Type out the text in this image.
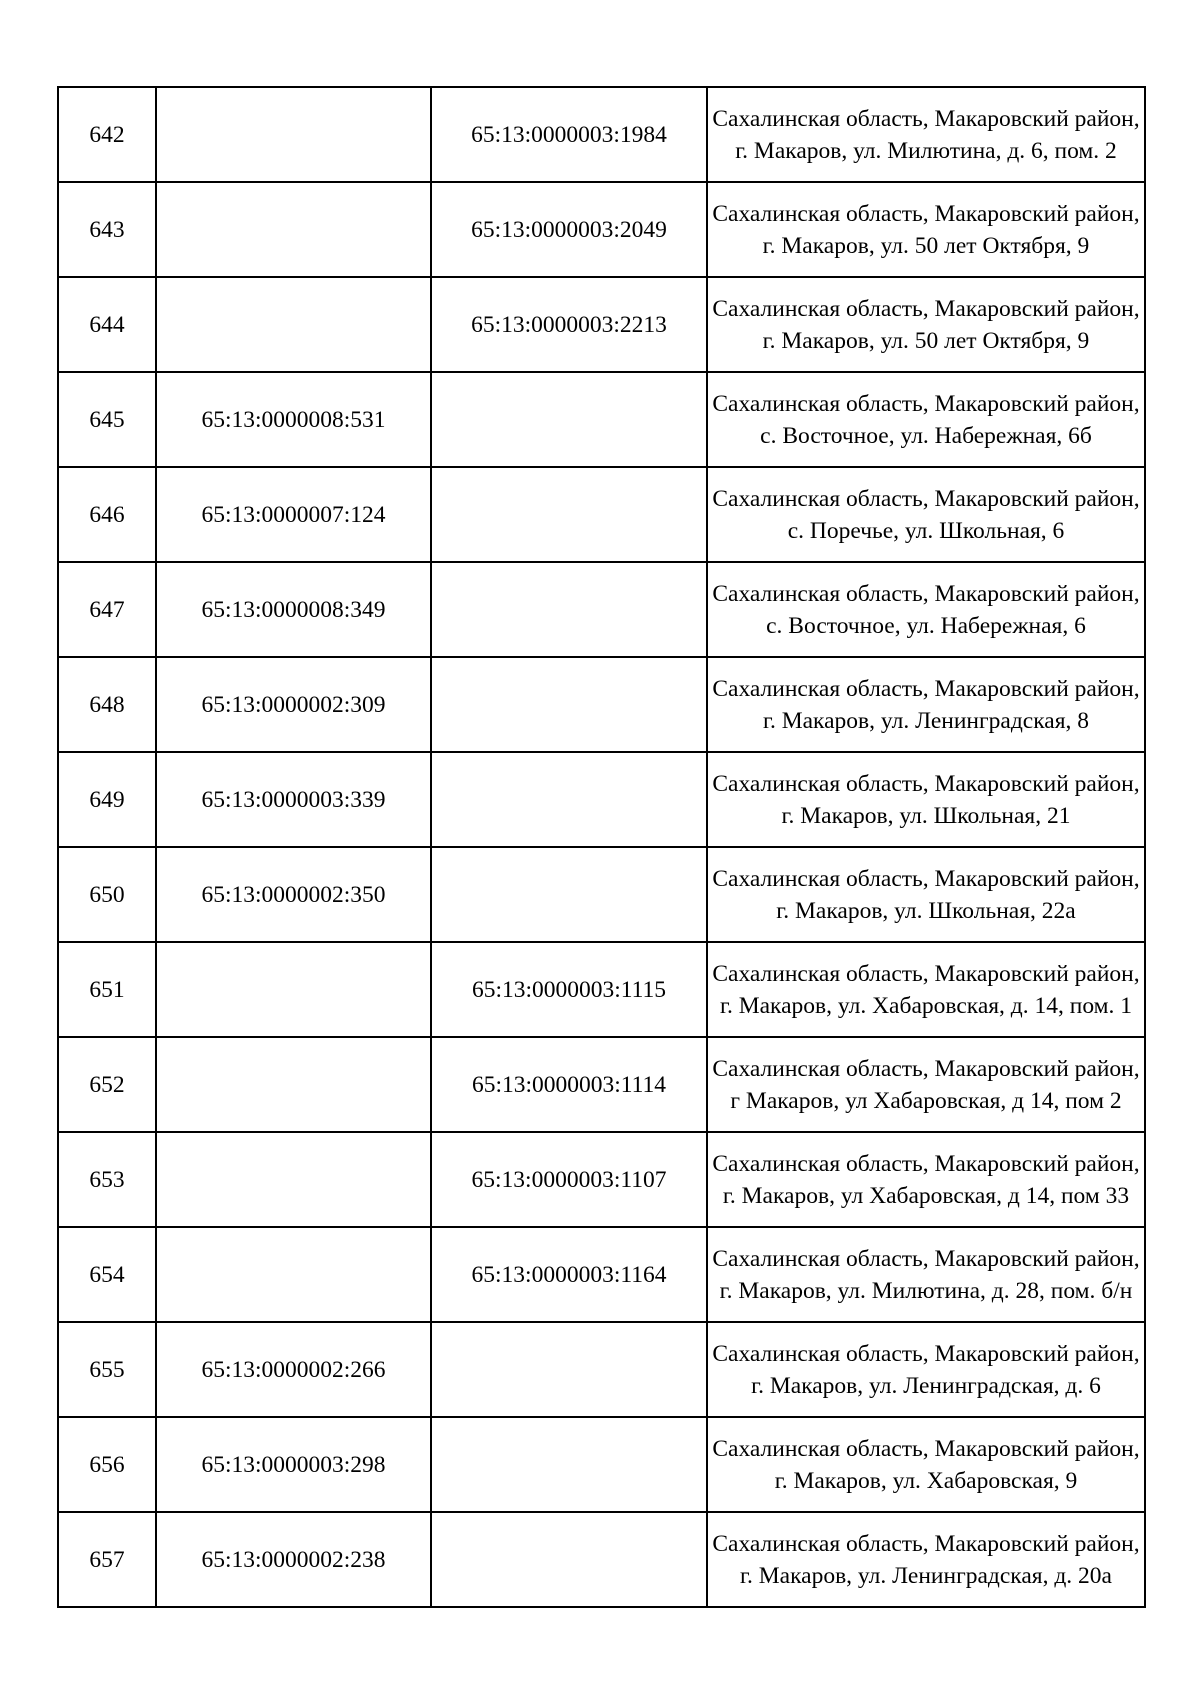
642		65:13:0000003:1984	Сахалинская область, Макаровский район, г. Макаров, ул. Милютина, д. 6, пом. 2
643		65:13:0000003:2049	Сахалинская область, Макаровский район, г. Макаров, ул. 50 лет Октября, 9
644		65:13:0000003:2213	Сахалинская область, Макаровский район, г. Макаров, ул. 50 лет Октября, 9
645	65:13:0000008:531		Сахалинская область, Макаровский район, с. Восточное, ул. Набережная, 6б
646	65:13:0000007:124		Сахалинская область, Макаровский район, с. Поречье, ул. Школьная, 6
647	65:13:0000008:349		Сахалинская область, Макаровский район, с. Восточное, ул. Набережная, 6
648	65:13:0000002:309		Сахалинская область, Макаровский район, г. Макаров, ул. Ленинградская, 8
649	65:13:0000003:339		Сахалинская область, Макаровский район, г. Макаров, ул. Школьная, 21
650	65:13:0000002:350		Сахалинская область, Макаровский район, г. Макаров, ул. Школьная, 22а
651		65:13:0000003:1115	Сахалинская область, Макаровский район, г. Макаров, ул. Хабаровская, д. 14, пом. 1
652		65:13:0000003:1114	Сахалинская область, Макаровский район, г Макаров, ул Хабаровская, д 14, пом 2
653		65:13:0000003:1107	Сахалинская область, Макаровский район, г. Макаров, ул Хабаровская, д 14, пом 33
654		65:13:0000003:1164	Сахалинская область, Макаровский район, г. Макаров, ул. Милютина, д. 28, пом. б/н
655	65:13:0000002:266		Сахалинская область, Макаровский район, г. Макаров, ул. Ленинградская, д. 6
656	65:13:0000003:298		Сахалинская область, Макаровский район, г. Макаров, ул. Хабаровская, 9
657	65:13:0000002:238		Сахалинская область, Макаровский район, г. Макаров, ул. Ленинградская, д. 20а
